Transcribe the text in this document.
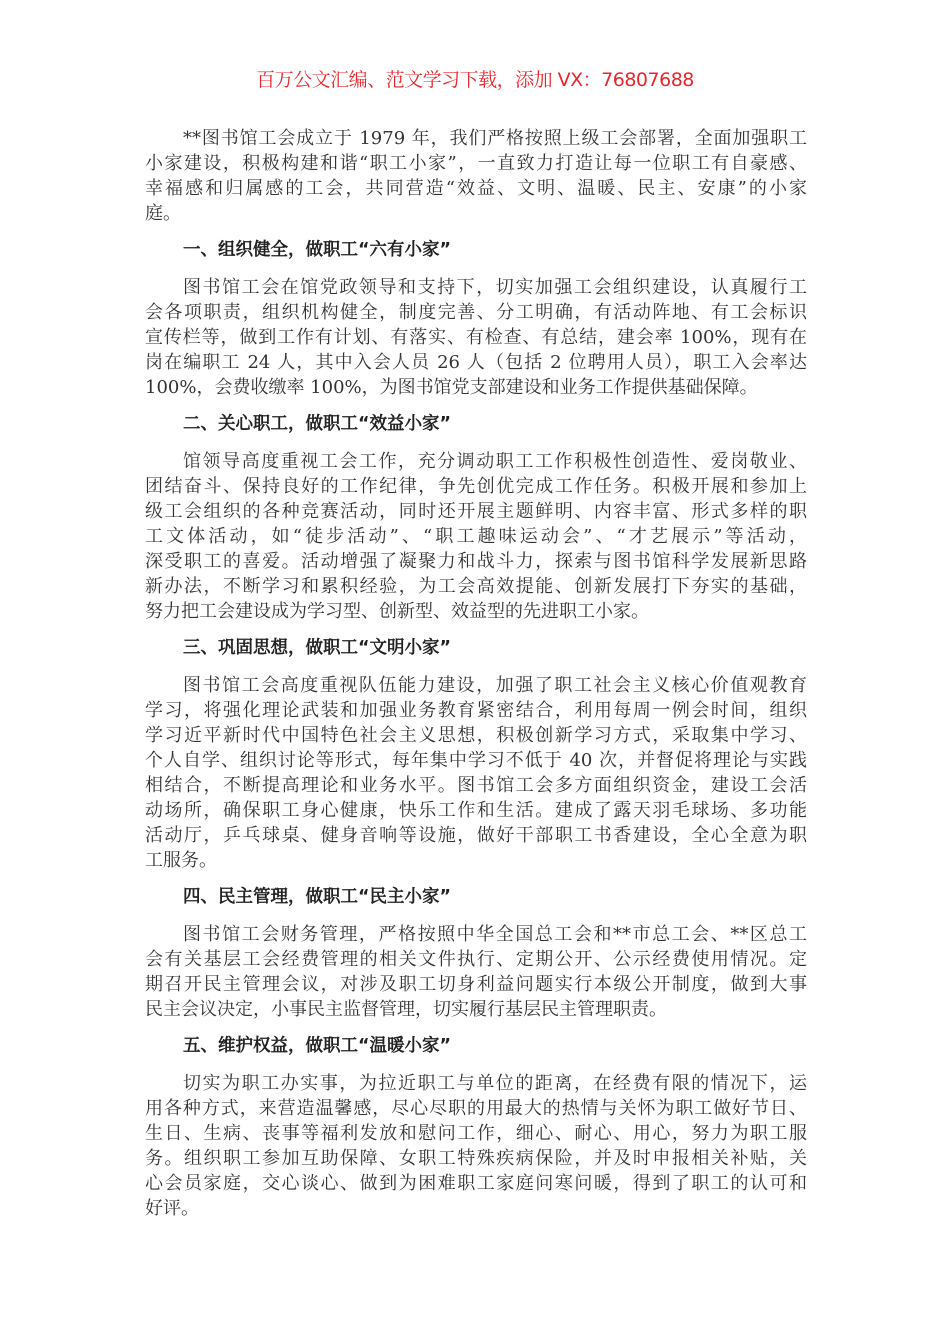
百万公文汇编、范文学习下载，添加 VX：76807688
**图书馆工会成立于 1979 年，我们严格按照上级工会部署，全面加强职工
小家建设，积极构建和谐“职工小家”，一直致力打造让每一位职工有自豪感、
幸福感和归属感的工会，共同营造“效益、文明、温暖、民主、安康”的小家
庭。
一、组织健全，做职工“六有小家”
图书馆工会在馆党政领导和支持下，切实加强工会组织建设，认真履行工
会各项职责，组织机构健全，制度完善、分工明确，有活动阵地、有工会标识
宣传栏等，做到工作有计划、有落实、有检查、有总结，建会率 100%，现有在
岗在编职工 24 人，其中入会人员 26 人（包括 2 位聘用人员），职工入会率达
100%，会费收缴率 100%，为图书馆党支部建设和业务工作提供基础保障。
二、关心职工，做职工“效益小家”
馆领导高度重视工会工作，充分调动职工工作积极性创造性、爱岗敬业、
团结奋斗、保持良好的工作纪律，争先创优完成工作任务。积极开展和参加上
级工会组织的各种竞赛活动，同时还开展主题鲜明、内容丰富、形式多样的职
工文体活动，如“徒步活动”、“职工趣味运动会”、“才艺展示”等活动，
深受职工的喜爱。活动增强了凝聚力和战斗力，探索与图书馆科学发展新思路
新办法，不断学习和累积经验，为工会高效提能、创新发展打下夯实的基础，
努力把工会建设成为学习型、创新型、效益型的先进职工小家。
三、巩固思想，做职工“文明小家”
图书馆工会高度重视队伍能力建设，加强了职工社会主义核心价值观教育
学习，将强化理论武装和加强业务教育紧密结合，利用每周一例会时间，组织
学习近平新时代中国特色社会主义思想，积极创新学习方式，采取集中学习、
个人自学、组织讨论等形式，每年集中学习不低于 40 次，并督促将理论与实践
相结合，不断提高理论和业务水平。图书馆工会多方面组织资金，建设工会活
动场所，确保职工身心健康，快乐工作和生活。建成了露天羽毛球场、多功能
活动厅，乒乓球桌、健身音响等设施，做好干部职工书香建设，全心全意为职
工服务。
四、民主管理，做职工“民主小家”
图书馆工会财务管理，严格按照中华全国总工会和**市总工会、**区总工
会有关基层工会经费管理的相关文件执行、定期公开、公示经费使用情况。定
期召开民主管理会议，对涉及职工切身利益问题实行本级公开制度，做到大事
民主会议决定，小事民主监督管理，切实履行基层民主管理职责。
五、维护权益，做职工“温暖小家”
切实为职工办实事，为拉近职工与单位的距离，在经费有限的情况下，运
用各种方式，来营造温馨感，尽心尽职的用最大的热情与关怀为职工做好节日、
生日、生病、丧事等福利发放和慰问工作，细心、耐心、用心，努力为职工服
务。组织职工参加互助保障、女职工特殊疾病保险，并及时申报相关补贴，关
心会员家庭，交心谈心、做到为困难职工家庭问寒问暖，得到了职工的认可和
好评。
